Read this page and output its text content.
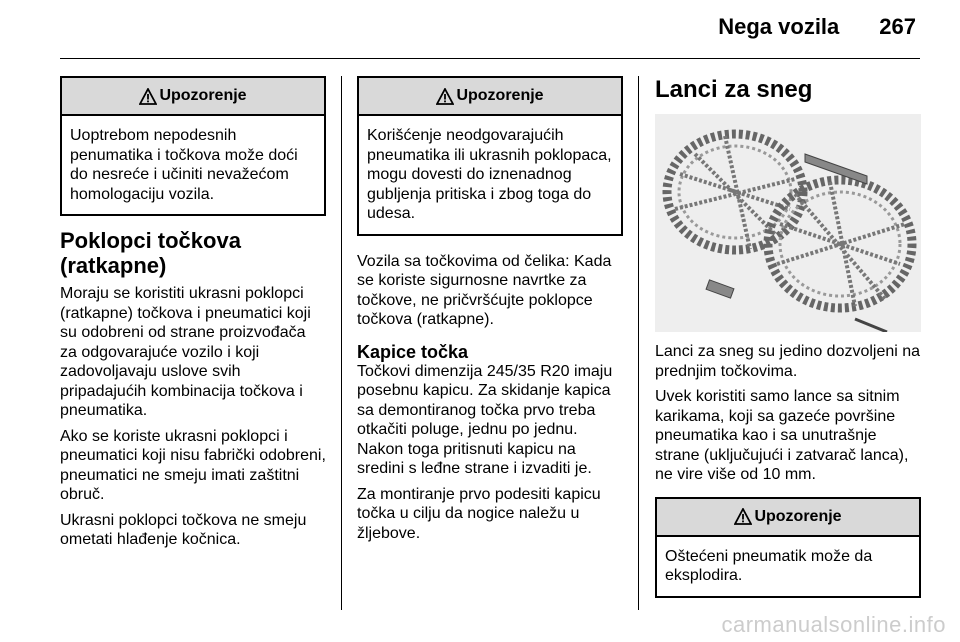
Nega vozila 267
Upozorenje
Uoptrebom nepodesnih penumatika i točkova može doći do nesreće i učiniti nevažećom homologaciju vozila.
Poklopci točkova (ratkapne)

Moraju se koristiti ukrasni poklopci (ratkapne) točkova i pneumatici koji su odobreni od strane proizvođača za odgovarajuće vozilo i koji zadovoljavaju uslove svih pripadajućih kombinacija točkova i pneumatika.

Ako se koriste ukrasni poklopci i pneumatici koji nisu fabrički odobreni, pneumatici ne smeju imati zaštitni obruč.

Ukrasni poklopci točkova ne smeju ometati hlađenje kočnica.

Upozorenje
Korišćenje neodgovarajućih pneumatika ili ukrasnih poklopaca, mogu dovesti do iznenadnog gubljenja pritiska i zbog toga do udesa.

Vozila sa točkovima od čelika: Kada se koriste sigurnosne navrtke za točkove, ne pričvršćujte poklopce točkova (ratkapne).

Kapice točka

Točkovi dimenzija 245/35 R20 imaju posebnu kapicu. Za skidanje kapica sa demontiranog točka prvo treba otkačiti poluge, jednu po jednu. Nakon toga pritisnuti kapicu na sredini s leđne strane i izvaditi je.

Za montiranje prvo podesiti kapicu točka u cilju da nogice naležu u žljebove.

Lanci za sneg

Lanci za sneg su jedino dozvoljeni na prednjim točkovima.

Uvek koristiti samo lance sa sitnim karikama, koji sa gazeće površine pneumatika kao i sa unutrašnje strane (uključujući i zatvarač lanca), ne vire više od 10 mm.

Upozorenje
Oštećeni pneumatik može da eksplodira.
carmanualsonline.info
